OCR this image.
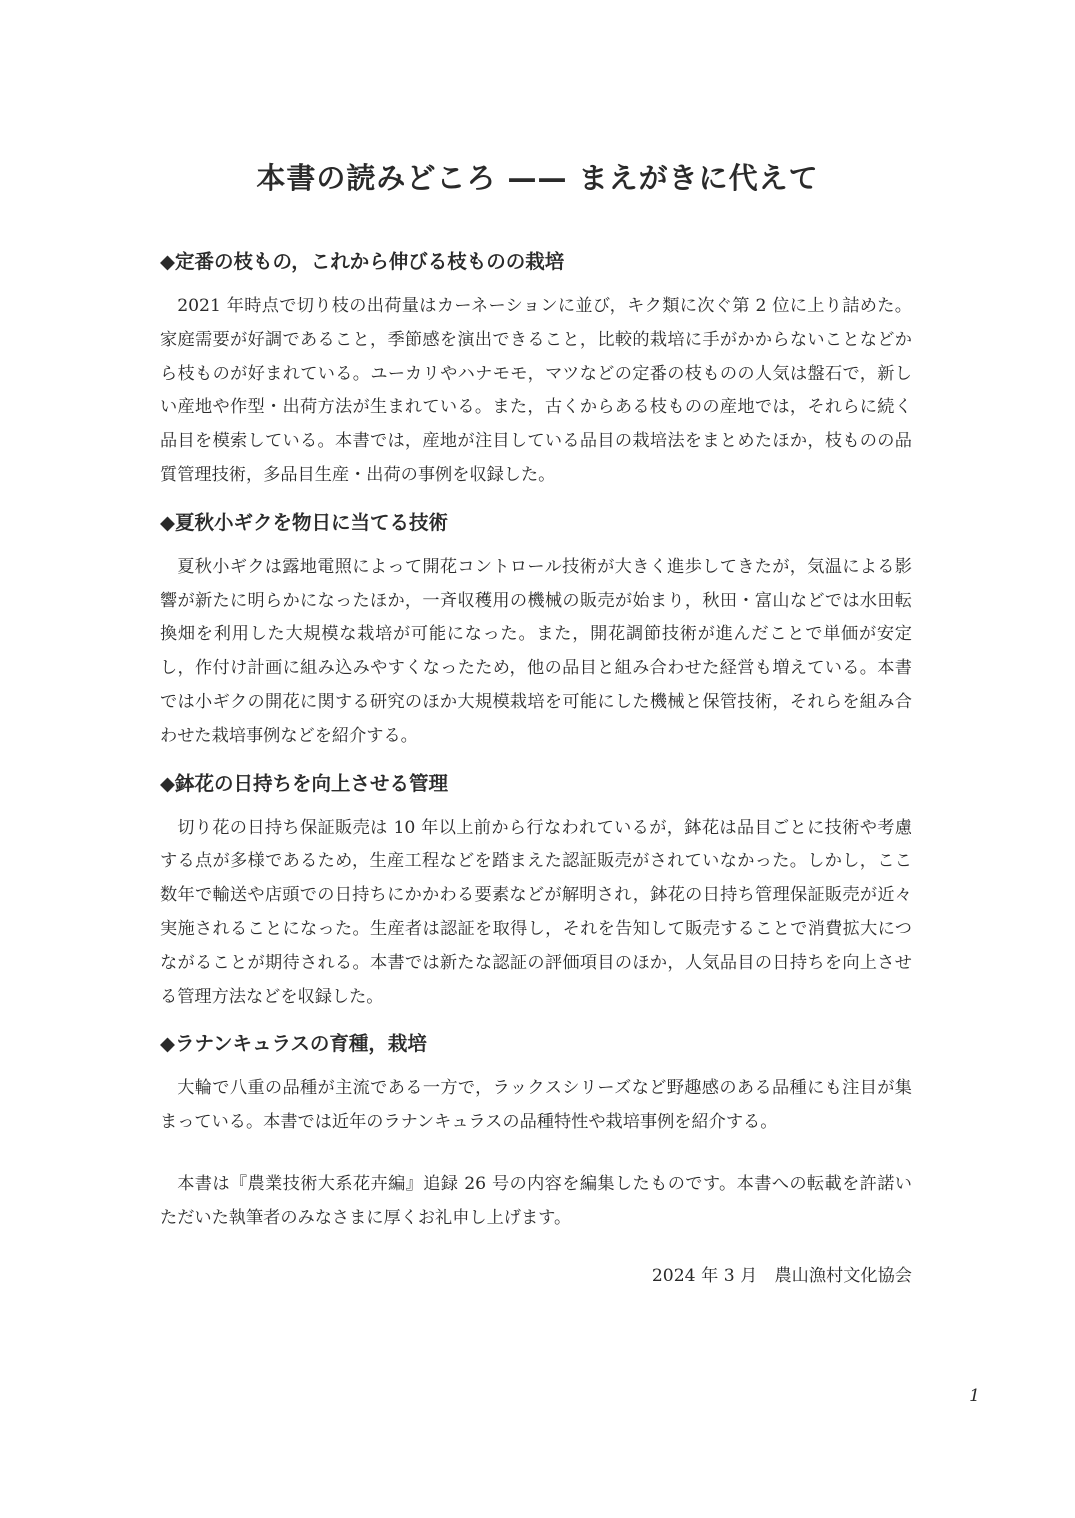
本書の読みどころ —— まえがきに代えて
◆定番の枝もの，これから伸びる枝ものの栽培

2021 年時点で切り枝の出荷量はカーネーションに並び，キク類に次ぐ第 2 位に上り詰めた。家庭需要が好調であること，季節感を演出できること，比較的栽培に手がかからないことなどから枝ものが好まれている。ユーカリやハナモモ，マツなどの定番の枝ものの人気は盤石で，新しい産地や作型・出荷方法が生まれている。また，古くからある枝ものの産地では，それらに続く品目を模索している。本書では，産地が注目している品目の栽培法をまとめたほか，枝ものの品質管理技術，多品目生産・出荷の事例を収録した。

◆夏秋小ギクを物日に当てる技術

夏秋小ギクは露地電照によって開花コントロール技術が大きく進歩してきたが，気温による影響が新たに明らかになったほか，一斉収穫用の機械の販売が始まり，秋田・富山などでは水田転換畑を利用した大規模な栽培が可能になった。また，開花調節技術が進んだことで単価が安定し，作付け計画に組み込みやすくなったため，他の品目と組み合わせた経営も増えている。本書では小ギクの開花に関する研究のほか大規模栽培を可能にした機械と保管技術，それらを組み合わせた栽培事例などを紹介する。

◆鉢花の日持ちを向上させる管理

切り花の日持ち保証販売は 10 年以上前から行なわれているが，鉢花は品目ごとに技術や考慮する点が多様であるため，生産工程などを踏まえた認証販売がされていなかった。しかし，ここ数年で輸送や店頭での日持ちにかかわる要素などが解明され，鉢花の日持ち管理保証販売が近々実施されることになった。生産者は認証を取得し，それを告知して販売することで消費拡大につながることが期待される。本書では新たな認証の評価項目のほか，人気品目の日持ちを向上させる管理方法などを収録した。

◆ラナンキュラスの育種，栽培

大輪で八重の品種が主流である一方で，ラックスシリーズなど野趣感のある品種にも注目が集まっている。本書では近年のラナンキュラスの品種特性や栽培事例を紹介する。

本書は『農業技術大系花卉編』追録 26 号の内容を編集したものです。本書への転載を許諾いただいた執筆者のみなさまに厚くお礼申し上げます。

2024 年 3 月　農山漁村文化協会
1
